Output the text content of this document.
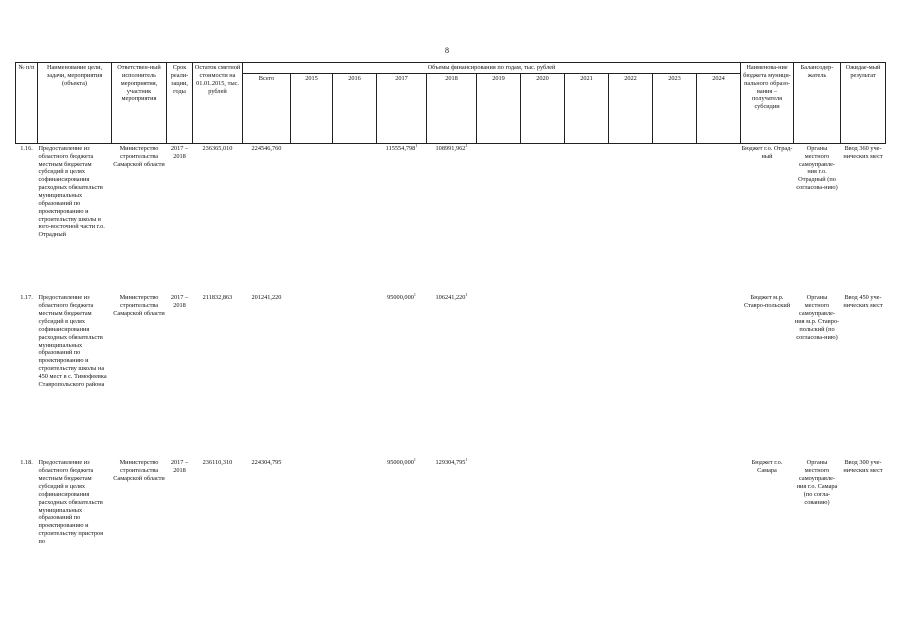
8
№ п/п	Наименование цели, задачи, мероприятия (объекта)	Ответствен-ный исполнитель мероприятия, участник мероприятия	Срок реали-зации, годы	Остаток сметной стоимости на 01.01.2015, тыс. рублей	Объемы финансирования по годам, тыс. рублей											Наименова-ние бюджета муници-пального образо-вания – получателя субсидии	Балансодер-жатель	Ожидае-мый результат
					Всего	2015	2016	2017	2018	2019	2020	2021	2022	2023	2024			
1.16.	Предоставление из областного бюджета местным бюджетам субсидий в целях софинансирования расходных обязательств муниципальных образований по проектированию и строительству школы в юго-восточной части г.о. Отрадный	Министерство строительства Самарской области	2017 – 2018	236365,010	224546,760			115554,798$^1$	108991,962$^1$							Бюджет г.о. Отрад-ный	Органы местного самоуправле-ния г.о. Отрадный (по согласова-нию)	Ввод 360 уче-нических мест
1.17.	Предоставление из областного бюджета местным бюджетам субсидий в целях софинансирования расходных обязательств муниципальных образований по проектированию и строительству школы на 450 мест в с. Тимофеевка Ставропольского района	Министерство строительства Самарской области	2017 – 2018	211832,863	201241,220			95000,000$^1$	106241,220$^1$							Бюджет м.р. Ставро-польский	Органы местного самоуправле-ния м.р. Ставро-польский (по согласова-нию)	Ввод 450 уче-нических мест
1.18.	Предоставление из областного бюджета местным бюджетам субсидий в целях софинансирования расходных обязательств муниципальных образований по проектированию и строительству пристроя по	Министерство строительства Самарской области	2017 – 2018	236110,310	224304,795			95000,000$^1$	129304,795$^1$							Бюджет г.о. Самара	Органы местного самоуправле-ния г.о. Самара (по согла-сованию)	Ввод 300 уче-нических мест
